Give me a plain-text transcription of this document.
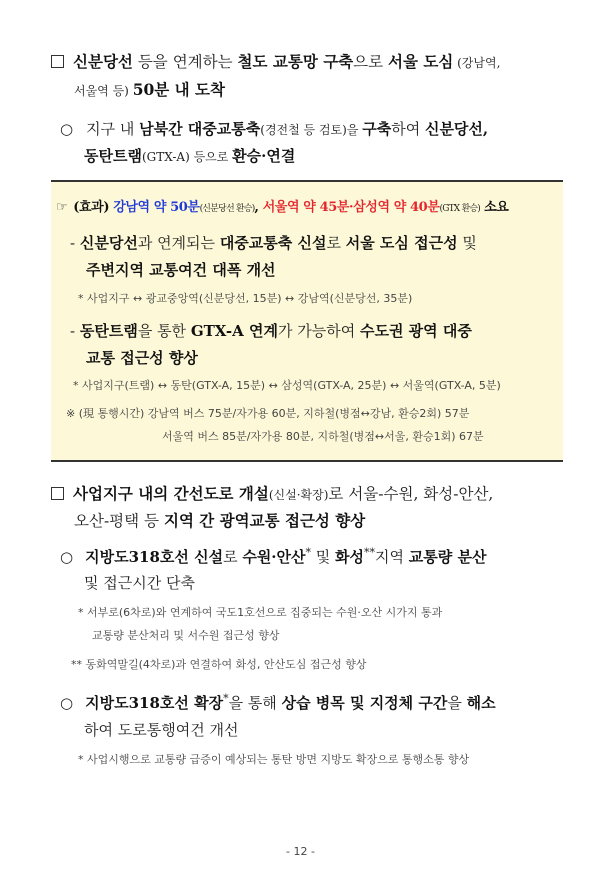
신분당선 등을 연계하는 철도 교통망 구축으로 서울 도심 (강남역,
서울역 등) 50분 내 도착
○ 지구 내 남북간 대중교통축(경전철 등 검토)을 구축하여 신분당선,
동탄트램(GTX-A) 등으로 환승·연결
☞ (효과) 강남역 약 50분(신분당선 환승), 서울역 약 45분·삼성역 약 40분(GTX 환승) 소요
- 신분당선과 연계되는 대중교통축 신설로 서울 도심 접근성 및
주변지역 교통여건 대폭 개선
* 사업지구 ↔ 광교중앙역(신분당선, 15분) ↔ 강남역(신분당선, 35분)
- 동탄트램을 통한 GTX-A 연계가 가능하여 수도권 광역 대중
교통 접근성 향상
* 사업지구(트램) ↔ 동탄(GTX-A, 15분) ↔ 삼성역(GTX-A, 25분) ↔ 서울역(GTX-A, 5분)
※ (現 통행시간) 강남역 버스 75분/자가용 60분, 지하철(병점↔강남, 환승2회) 57분
서울역 버스 85분/자가용 80분, 지하철(병점↔서울, 환승1회) 67분
사업지구 내의 간선도로 개설(신설·확장)로 서울-수원, 화성-안산,
오산-평택 등 지역 간 광역교통 접근성 향상
○ 지방도318호선 신설로 수원·안산* 및 화성**지역 교통량 분산
및 접근시간 단축
* 서부로(6차로)와 연계하여 국도1호선으로 집중되는 수원·오산 시가지 통과
교통량 분산처리 및 서수원 접근성 향상
** 동화역말길(4차로)과 연결하여 화성, 안산도심 접근성 향상
○ 지방도318호선 확장*을 통해 상습 병목 및 지정체 구간을 해소
하여 도로통행여건 개선
* 사업시행으로 교통량 급증이 예상되는 통탄 방면 지방도 확장으로 통행소통 향상
- 12 -
